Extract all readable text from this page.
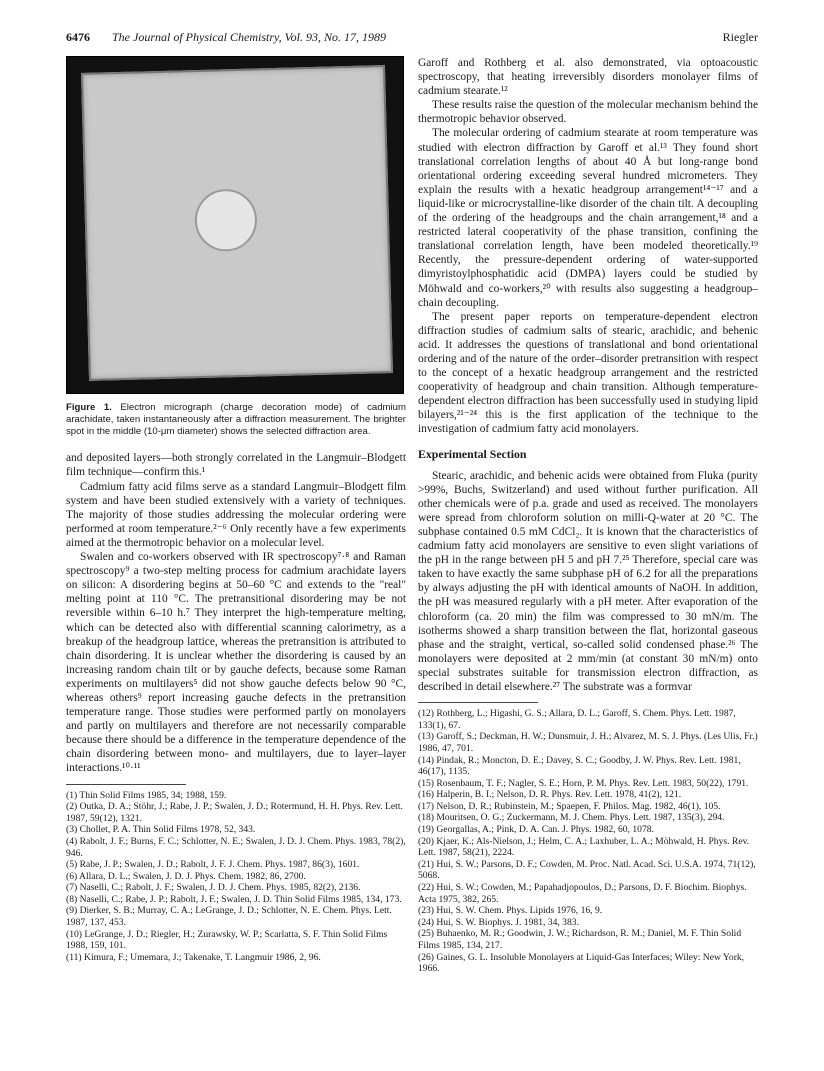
6476 The Journal of Physical Chemistry, Vol. 93, No. 17, 1989	Riegler
Figure 1. Electron micrograph (charge decoration mode) of cadmium arachidate, taken instantaneously after a diffraction measurement. The brighter spot in the middle (10-μm diameter) shows the selected diffraction area.

and deposited layers—both strongly correlated in the Langmuir–Blodgett film technique—confirm this.¹

Cadmium fatty acid films serve as a standard Langmuir–Blodgett film system and have been studied extensively with a variety of techniques. The majority of those studies addressing the molecular ordering were performed at room temperature.²⁻⁶ Only recently have a few experiments aimed at the thermotropic behavior on a molecular level.

Swalen and co-workers observed with IR spectroscopy⁷·⁸ and Raman spectroscopy⁹ a two-step melting process for cadmium arachidate layers on silicon: A disordering begins at 50–60 °C and extends to the "real" melting point at 110 °C. The pretransitional disordering may be not reversible within 6–10 h.⁷ They interpret the high-temperature melting, which can be detected also with differential scanning calorimetry, as a breakup of the headgroup lattice, whereas the pretransition is attributed to chain disordering. It is unclear whether the disordering is caused by an increasing random chain tilt or by gauche defects, because some Raman experiments on multilayers⁵ did not show gauche defects below 90 °C, whereas others⁹ report increasing gauche defects in the pretransition temperature range. Those studies were performed partly on monolayers and partly on multilayers and therefore are not necessarily comparable because there should be a difference in the temperature dependence of the chain disordering between mono- and multilayers, due to layer–layer interactions.¹⁰·¹¹

(1) Thin Solid Films 1985, 34; 1988, 159.
(2) Outka, D. A.; Stöhr, J.; Rabe, J. P.; Swalen, J. D.; Rotermund, H. H. Phys. Rev. Lett. 1987, 59(12), 1321.
(3) Chollet, P. A. Thin Solid Films 1978, 52, 343.
(4) Rabolt, J. F.; Burns, F. C.; Schlotter, N. E.; Swalen, J. D. J. Chem. Phys. 1983, 78(2), 946.
(5) Rabe, J. P.; Swalen, J. D.; Rabolt, J. F. J. Chem. Phys. 1987, 86(3), 1601.
(6) Allara, D. L.; Swalen, J. D. J. Phys. Chem. 1982, 86, 2700.
(7) Naselli, C.; Rabolt, J. F.; Swalen, J. D. J. Chem. Phys. 1985, 82(2), 2136.
(8) Naselli, C.; Rabe, J. P.; Rabolt, J. F.; Swalen, J. D. Thin Solid Films 1985, 134, 173.
(9) Dierker, S. B.; Murray, C. A.; LeGrange, J. D.; Schlotter, N. E. Chem. Phys. Lett. 1987, 137, 453.
(10) LeGrange, J. D.; Riegler, H.; Zurawsky, W. P.; Scarlatta, S. F. Thin Solid Films 1988, 159, 101.
(11) Kimura, F.; Umemara, J.; Takenake, T. Langmuir 1986, 2, 96.

Garoff and Rothberg et al. also demonstrated, via optoacoustic spectroscopy, that heating irreversibly disorders monolayer films of cadmium stearate.¹²

These results raise the question of the molecular mechanism behind the thermotropic behavior observed.

The molecular ordering of cadmium stearate at room temperature was studied with electron diffraction by Garoff et al.¹³ They found short translational correlation lengths of about 40 Å but long-range bond orientational ordering exceeding several hundred micrometers. They explain the results with a hexatic headgroup arrangement¹⁴⁻¹⁷ and a liquid-like or microcrystalline-like disorder of the chain tilt. A decoupling of the ordering of the headgroups and the chain arrangement,¹⁸ and a restricted lateral cooperativity of the phase transition, confining the translational correlation length, have been modeled theoretically.¹⁹ Recently, the pressure-dependent ordering of water-supported dimyristoylphosphatidic acid (DMPA) layers could be studied by Möhwald and co-workers,²⁰ with results also suggesting a headgroup–chain decoupling.

The present paper reports on temperature-dependent electron diffraction studies of cadmium salts of stearic, arachidic, and behenic acid. It addresses the questions of translational and bond orientational ordering and of the nature of the order–disorder pretransition with respect to the concept of a hexatic headgroup arrangement and the restricted cooperativity of headgroup and chain transition. Although temperature-dependent electron diffraction has been successfully used in studying lipid bilayers,²¹⁻²⁴ this is the first application of the technique to the investigation of cadmium fatty acid monolayers.

Experimental Section

Stearic, arachidic, and behenic acids were obtained from Fluka (purity >99%, Buchs, Switzerland) and used without further purification. All other chemicals were of p.a. grade and used as received. The monolayers were spread from chloroform solution on milli-Q-water at 20 °C. The subphase contained 0.5 mM CdCl₂. It is known that the characteristics of cadmium fatty acid monolayers are sensitive to even slight variations of the pH in the range between pH 5 and pH 7.²⁵ Therefore, special care was taken to have exactly the same subphase pH of 6.2 for all the preparations by always adjusting the pH with identical amounts of NaOH. In addition, the pH was measured regularly with a pH meter. After evaporation of the chloroform (ca. 20 min) the film was compressed to 30 mN/m. The isotherms showed a sharp transition between the flat, horizontal gaseous phase and the straight, vertical, so-called solid condensed phase.²⁶ The monolayers were deposited at 2 mm/min (at constant 30 mN/m) onto special substrates suitable for transmission electron diffraction, as described in detail elsewhere.²⁷ The substrate was a formvar

(12) Rothberg, L.; Higashi, G. S.; Allara, D. L.; Garoff, S. Chem. Phys. Lett. 1987, 133(1), 67.
(13) Garoff, S.; Deckman, H. W.; Dunsmuir, J. H.; Alvarez, M. S. J. Phys. (Les Ulis, Fr.) 1986, 47, 701.
(14) Pindak, R.; Moncton, D. E.; Davey, S. C.; Goodby, J. W. Phys. Rev. Lett. 1981, 46(17), 1135.
(15) Rosenbaum, T. F.; Nagler, S. E.; Horn, P. M. Phys. Rev. Lett. 1983, 50(22), 1791.
(16) Halperin, B. I.; Nelson, D. R. Phys. Rev. Lett. 1978, 41(2), 121.
(17) Nelson, D. R.; Rubinstein, M.; Spaepen, F. Philos. Mag. 1982, 46(1), 105.
(18) Mouritsen, O. G.; Zuckermann, M. J. Chem. Phys. Lett. 1987, 135(3), 294.
(19) Georgallas, A.; Pink, D. A. Can. J. Phys. 1982, 60, 1078.
(20) Kjaer, K.; Als-Nielson, J.; Helm, C. A.; Laxhuber, L. A.; Möhwald, H. Phys. Rev. Lett. 1987, 58(21), 2224.
(21) Hui, S. W.; Parsons, D. F.; Cowden, M. Proc. Natl. Acad. Sci. U.S.A. 1974, 71(12), 5068.
(22) Hui, S. W.; Cowden, M.; Papahadjopoulos, D.; Parsons, D. F. Biochim. Biophys. Acta 1975, 382, 265.
(23) Hui, S. W. Chem. Phys. Lipids 1976, 16, 9.
(24) Hui, S. W. Biophys. J. 1981, 34, 383.
(25) Buhaenko, M. R.; Goodwin, J. W.; Richardson, R. M.; Daniel, M. F. Thin Solid Films 1985, 134, 217.
(26) Gaines, G. L. Insoluble Monolayers at Liquid-Gas Interfaces; Wiley: New York, 1966.
